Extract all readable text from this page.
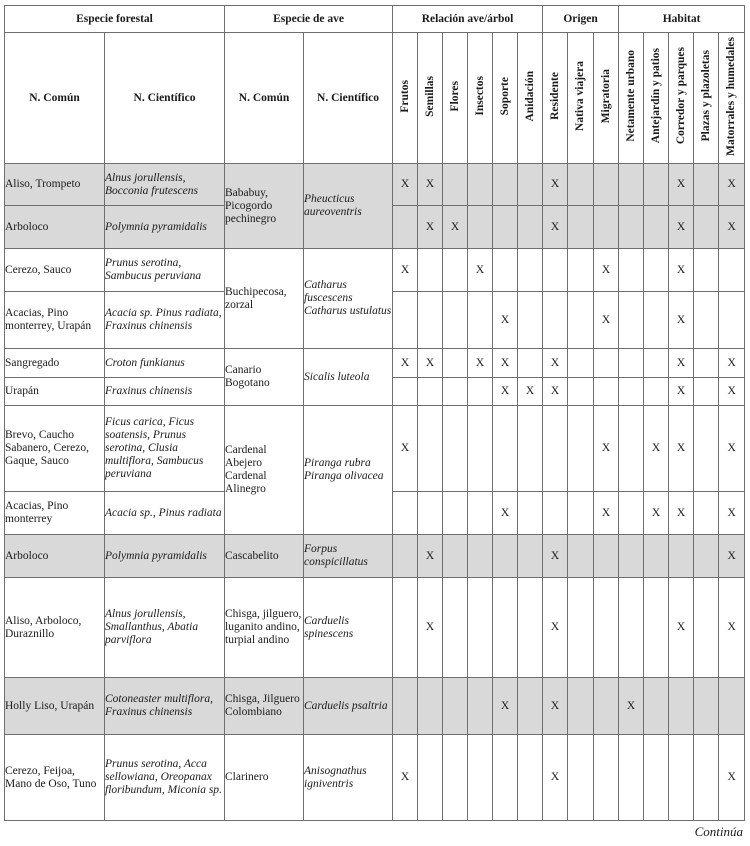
Especie forestal		Especie de ave		Relación ave/árbol						Origen			Habitat				
N. Común	N. Científico	N. Común	N. Científico	Frutos	Semillas	Flores	Insectos	Soporte	Anidación	Residente	Nativa viajera	Migratoria	Netamente urbano	Antejardín y patios	Corredor y parques	Plazas y plazoletas	Matorrales y humedales
Aliso, Trompeto	Alnus jorullensis, Bocconia frutescens	Bababuy, Picogordo pechinegro	Pheucticus aureoventris	X	X					X					X		X
Arboloco	Polymnia pyramidalis				X	X				X					X		X
Cerezo, Sauco	Prunus serotina, Sambucus peruviana	Buchipecosa, zorzal	Catharus fuscescens Catharus ustulatus	X			X					X			X		
Acacias, Pino monterrey, Urapán	Acacia sp. Pinus radiata, Fraxinus chinensis							X				X			X		
Sangregado	Croton funkianus	Canario Bogotano	Sicalis luteola	X	X		X	X		X					X		X
Urapán	Fraxinus chinensis							X	X	X					X		X
Brevo, Caucho Sabanero, Cerezo, Gaque, Sauco	Ficus carica, Ficus soatensis, Prunus serotina, Clusia multiflora, Sambucus peruviana	Cardenal Abejero Cardenal Alinegro	Piranga rubra Piranga olivacea	X								X		X	X		X
Acacias, Pino monterrey	Acacia sp., Pinus radiata							X				X		X	X		X
Arboloco	Polymnia pyramidalis	Cascabelito	Forpus conspicillatus		X					X							X
Aliso, Arboloco, Duraznillo	Alnus jorullensis, Smallanthus, Abatia parviflora	Chisga, jilguero, luganito andino, turpial andino	Carduelis spinescens		X					X					X		X
Holly Liso, Urapán	Cotoneaster multiflora, Fraxinus chinensis	Chisga, Jilguero Colombiano	Carduelis psaltria					X		X			X				
Cerezo, Feijoa, Mano de Oso, Tuno	Prunus serotina, Acca sellowiana, Oreopanax floribundum, Miconia sp.	Clarinero	Anisognathus igniventris	X						X							X
Continúa
